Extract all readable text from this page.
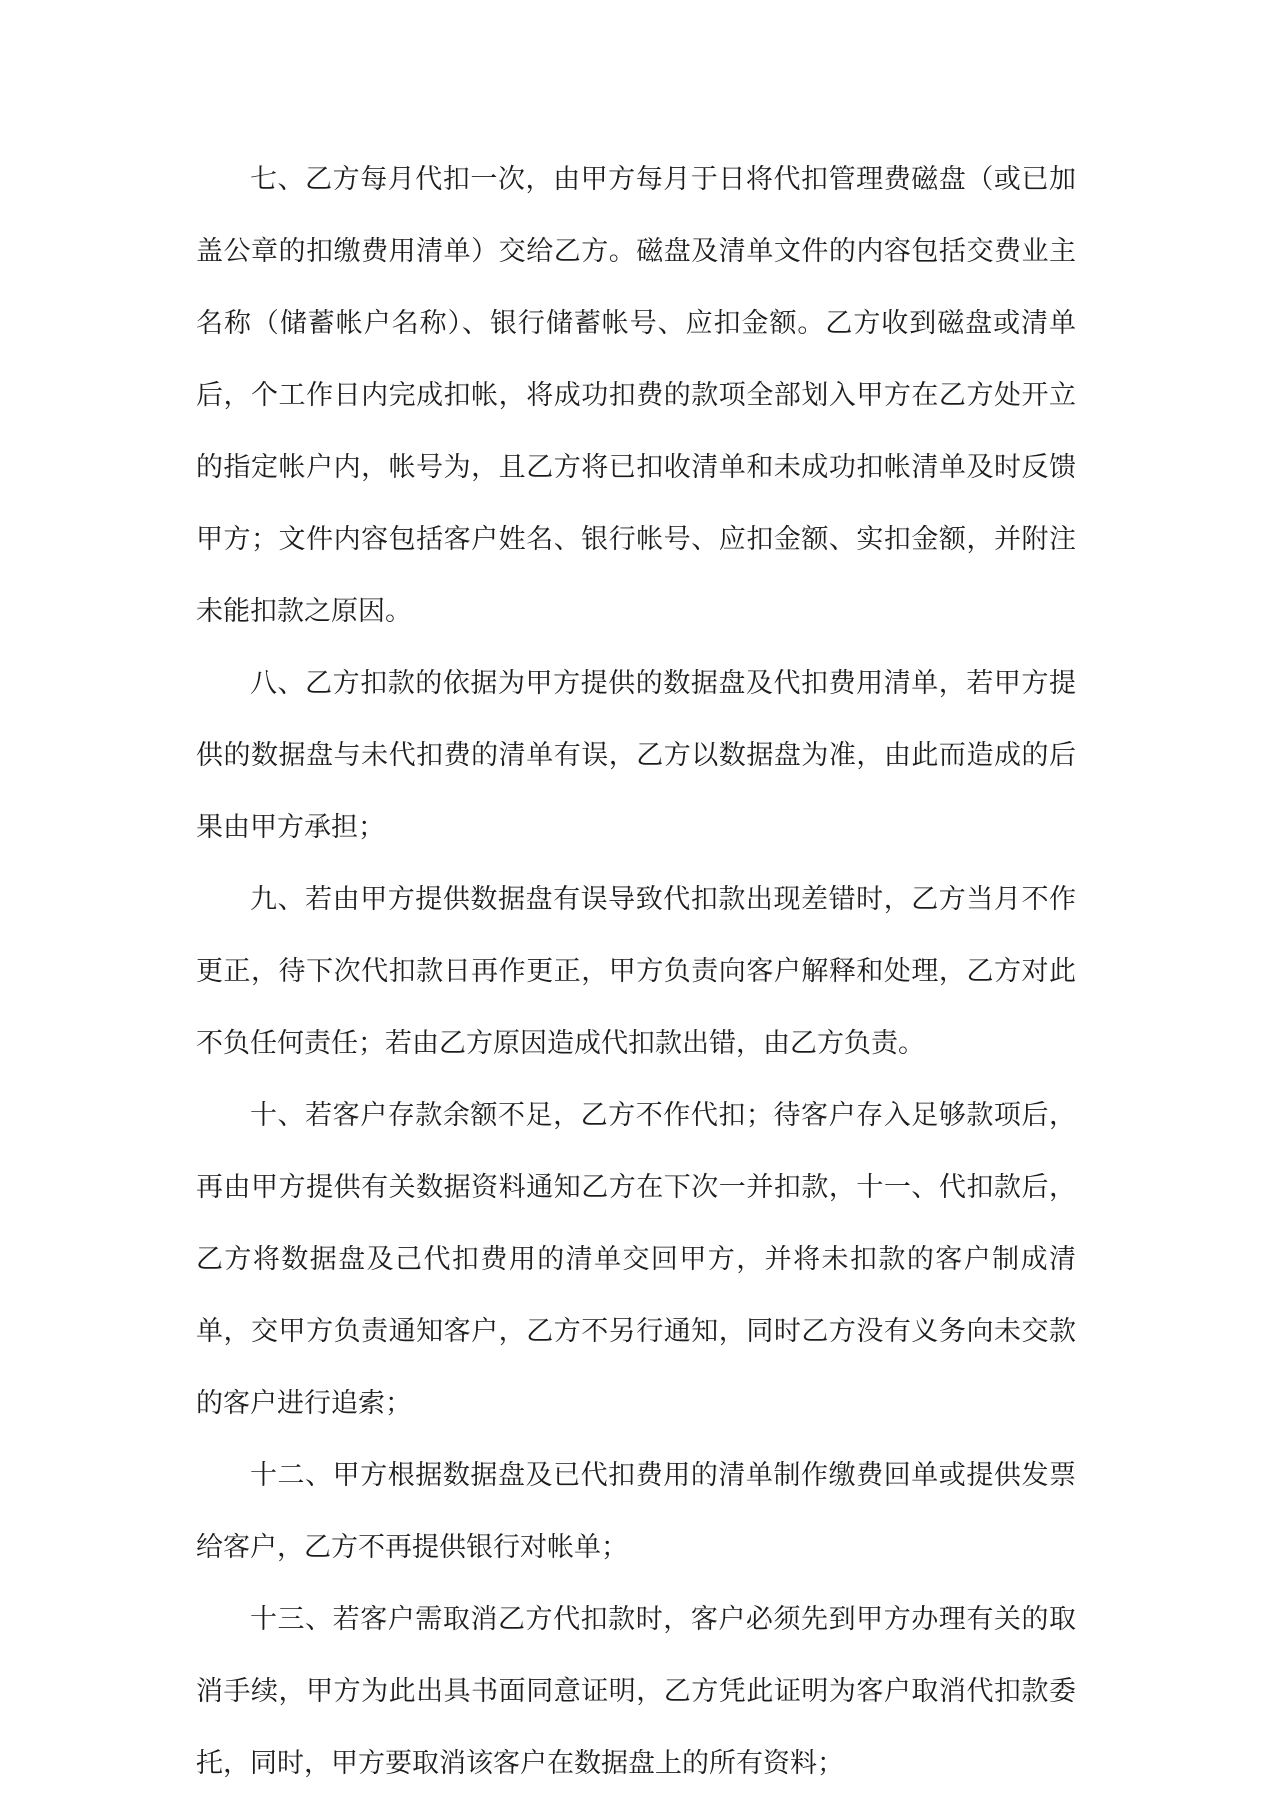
七、乙方每月代扣一次，由甲方每月于日将代扣管理费磁盘（或已加盖公章的扣缴费用清单）交给乙方。磁盘及清单文件的内容包括交费业主名称（储蓄帐户名称）、银行储蓄帐号、应扣金额。乙方收到磁盘或清单后，个工作日内完成扣帐，将成功扣费的款项全部划入甲方在乙方处开立的指定帐户内，帐号为，且乙方将已扣收清单和未成功扣帐清单及时反馈甲方；文件内容包括客户姓名、银行帐号、应扣金额、实扣金额，并附注未能扣款之原因。

八、乙方扣款的依据为甲方提供的数据盘及代扣费用清单，若甲方提供的数据盘与未代扣费的清单有误，乙方以数据盘为准，由此而造成的后果由甲方承担；

九、若由甲方提供数据盘有误导致代扣款出现差错时，乙方当月不作更正，待下次代扣款日再作更正，甲方负责向客户解释和处理，乙方对此不负任何责任；若由乙方原因造成代扣款出错，由乙方负责。

十、若客户存款余额不足，乙方不作代扣；待客户存入足够款项后，再由甲方提供有关数据资料通知乙方在下次一并扣款，十一、代扣款后，乙方将数据盘及己代扣费用的清单交回甲方，并将未扣款的客户制成清单，交甲方负责通知客户，乙方不另行通知，同时乙方没有义务向未交款的客户进行追索；

十二、甲方根据数据盘及已代扣费用的清单制作缴费回单或提供发票给客户，乙方不再提供银行对帐单；

十三、若客户需取消乙方代扣款时，客户必须先到甲方办理有关的取消手续，甲方为此出具书面同意证明，乙方凭此证明为客户取消代扣款委托，同时，甲方要取消该客户在数据盘上的所有资料；
